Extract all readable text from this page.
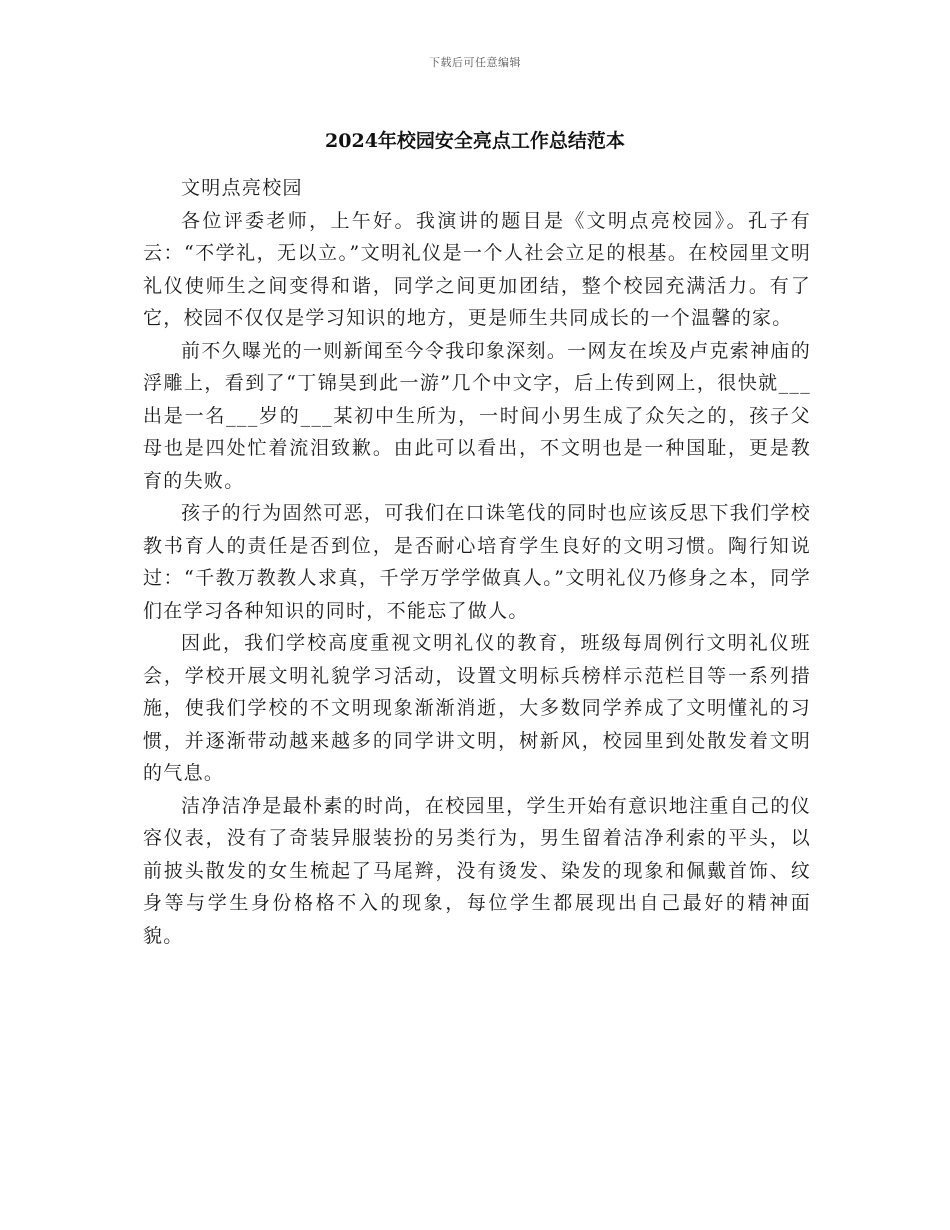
下载后可任意编辑
2024年校园安全亮点工作总结范本

文明点亮校园

各位评委老师，上午好。我演讲的题目是《文明点亮校园》。孔子有云：“不学礼，无以立。”文明礼仪是一个人社会立足的根基。在校园里文明礼仪使师生之间变得和谐，同学之间更加团结，整个校园充满活力。有了它，校园不仅仅是学习知识的地方，更是师生共同成长的一个温馨的家。

前不久曝光的一则新闻至今令我印象深刻。一网友在埃及卢克索神庙的浮雕上，看到了“丁锦昊到此一游”几个中文字，后上传到网上，很快就___出是一名___岁的___某初中生所为，一时间小男生成了众矢之的，孩子父母也是四处忙着流泪致歉。由此可以看出，不文明也是一种国耻，更是教育的失败。

孩子的行为固然可恶，可我们在口诛笔伐的同时也应该反思下我们学校教书育人的责任是否到位，是否耐心培育学生良好的文明习惯。陶行知说过：“千教万教教人求真，千学万学学做真人。”文明礼仪乃修身之本，同学们在学习各种知识的同时，不能忘了做人。

因此，我们学校高度重视文明礼仪的教育，班级每周例行文明礼仪班会，学校开展文明礼貌学习活动，设置文明标兵榜样示范栏目等一系列措施，使我们学校的不文明现象渐渐消逝，大多数同学养成了文明懂礼的习惯，并逐渐带动越来越多的同学讲文明，树新风，校园里到处散发着文明的气息。

洁净洁净是最朴素的时尚，在校园里，学生开始有意识地注重自己的仪容仪表，没有了奇装异服装扮的另类行为，男生留着洁净利索的平头，以前披头散发的女生梳起了马尾辫，没有烫发、染发的现象和佩戴首饰、纹身等与学生身份格格不入的现象，每位学生都展现出自己最好的精神面貌。
